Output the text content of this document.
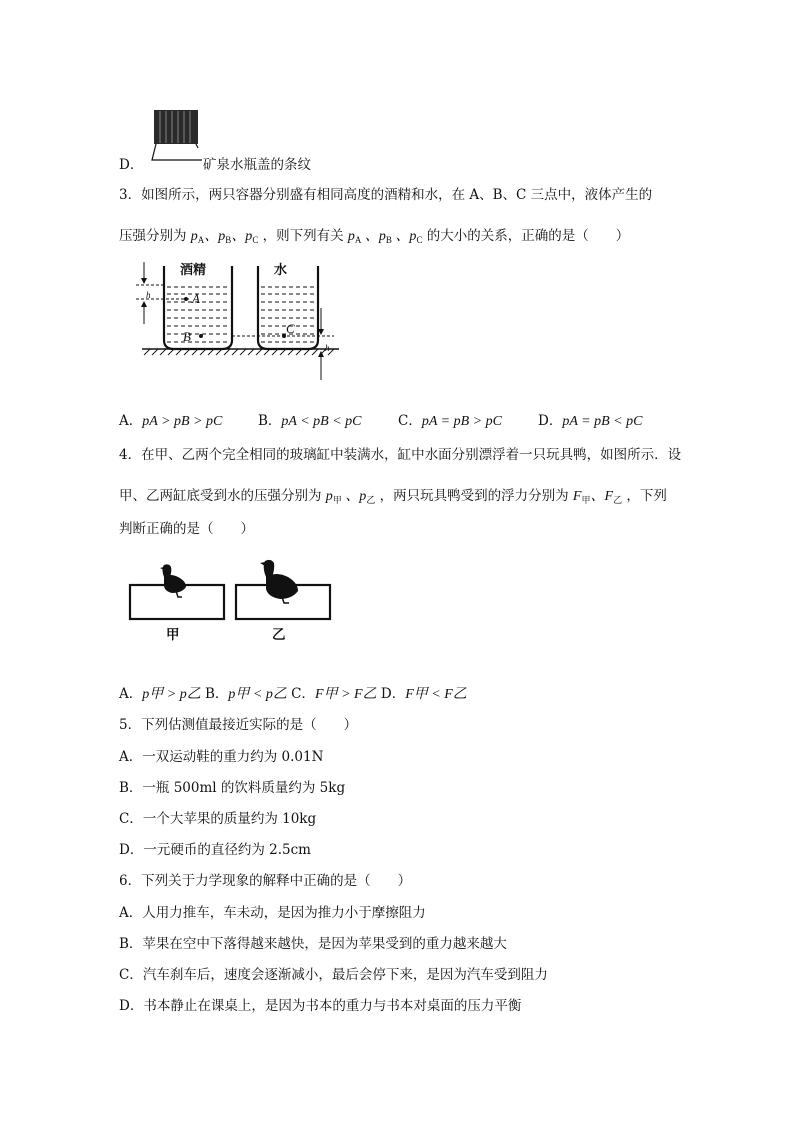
D．	矿泉水瓶盖的条纹
3．如图所示，两只容器分别盛有相同高度的酒精和水，在 A、B、C 三点中，液体产生的
压强分别为 $p_A$、$p_B$、$p_C$ ，则下列有关 $p_A$ 、$p_B$ 、$p_C$ 的大小的关系，正确的是（　　）
酒精	水
A
B
C
h
h
A．pA > pB > pC	B．pA < pB < pC	C．pA = pB > pC	D．pA = pB < pC
4．在甲、乙两个完全相同的玻璃缸中装满水，缸中水面分别漂浮着一只玩具鸭，如图所示．设
甲、乙两缸底受到水的压强分别为 $p_甲$ 、$p_乙$ ，两只玩具鸭受到的浮力分别为 $F_甲$、$F_乙$ ，下列
判断正确的是（　　）
甲	乙
A．p甲 > p乙 B．p甲 < p乙 C．F甲 > F乙 D．F甲 < F乙
5．下列估测值最接近实际的是（　　）
A．一双运动鞋的重力约为 0.01N
B．一瓶 500ml 的饮料质量约为 5kg
C．一个大苹果的质量约为 10kg
D．一元硬币的直径约为 2.5cm
6．下列关于力学现象的解释中正确的是（　　）
A．人用力推车，车未动，是因为推力小于摩擦阻力
B．苹果在空中下落得越来越快，是因为苹果受到的重力越来越大
C．汽车刹车后，速度会逐渐减小，最后会停下来，是因为汽车受到阻力
D．书本静止在课桌上，是因为书本的重力与书本对桌面的压力平衡
